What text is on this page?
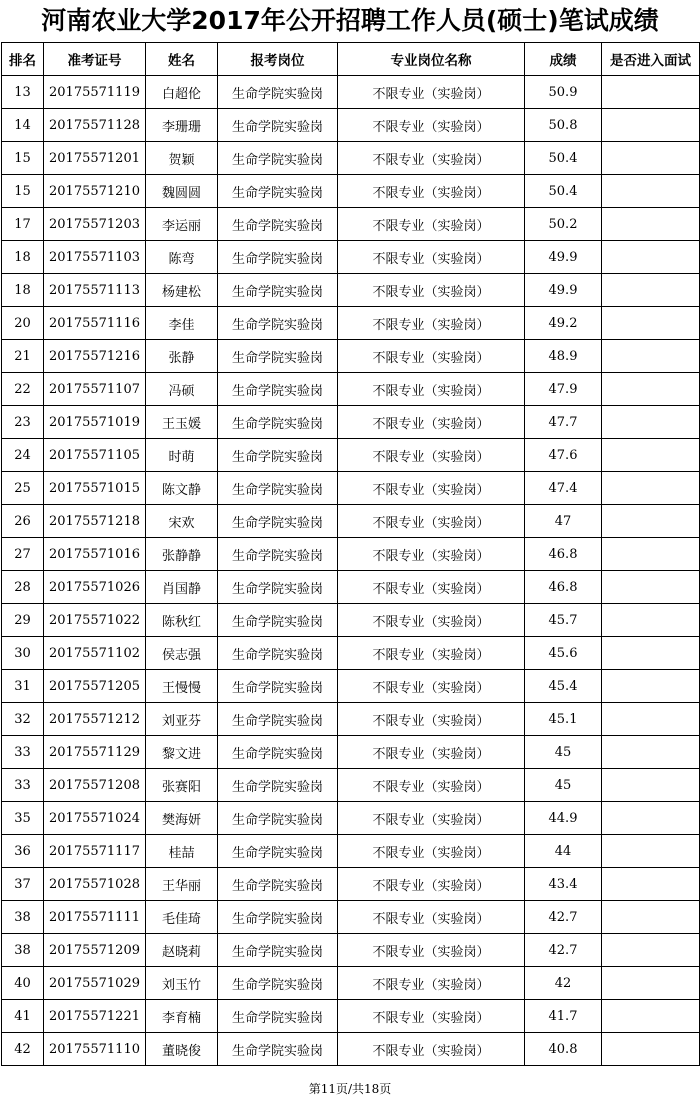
河南农业大学2017年公开招聘工作人员(硕士)笔试成绩
排名	准考证号	姓名	报考岗位	专业岗位名称	成绩	是否进入面试
13	20175571119	白超伦	生命学院实验岗	不限专业（实验岗）	50.9	
14	20175571128	李珊珊	生命学院实验岗	不限专业（实验岗）	50.8	
15	20175571201	贺颖	生命学院实验岗	不限专业（实验岗）	50.4	
15	20175571210	魏圆圆	生命学院实验岗	不限专业（实验岗）	50.4	
17	20175571203	李运丽	生命学院实验岗	不限专业（实验岗）	50.2	
18	20175571103	陈弯	生命学院实验岗	不限专业（实验岗）	49.9	
18	20175571113	杨建松	生命学院实验岗	不限专业（实验岗）	49.9	
20	20175571116	李佳	生命学院实验岗	不限专业（实验岗）	49.2	
21	20175571216	张静	生命学院实验岗	不限专业（实验岗）	48.9	
22	20175571107	冯硕	生命学院实验岗	不限专业（实验岗）	47.9	
23	20175571019	王玉媛	生命学院实验岗	不限专业（实验岗）	47.7	
24	20175571105	时萌	生命学院实验岗	不限专业（实验岗）	47.6	
25	20175571015	陈文静	生命学院实验岗	不限专业（实验岗）	47.4	
26	20175571218	宋欢	生命学院实验岗	不限专业（实验岗）	47	
27	20175571016	张静静	生命学院实验岗	不限专业（实验岗）	46.8	
28	20175571026	肖国静	生命学院实验岗	不限专业（实验岗）	46.8	
29	20175571022	陈秋红	生命学院实验岗	不限专业（实验岗）	45.7	
30	20175571102	侯志强	生命学院实验岗	不限专业（实验岗）	45.6	
31	20175571205	王慢慢	生命学院实验岗	不限专业（实验岗）	45.4	
32	20175571212	刘亚芬	生命学院实验岗	不限专业（实验岗）	45.1	
33	20175571129	黎文进	生命学院实验岗	不限专业（实验岗）	45	
33	20175571208	张赛阳	生命学院实验岗	不限专业（实验岗）	45	
35	20175571024	樊海妍	生命学院实验岗	不限专业（实验岗）	44.9	
36	20175571117	桂喆	生命学院实验岗	不限专业（实验岗）	44	
37	20175571028	王华丽	生命学院实验岗	不限专业（实验岗）	43.4	
38	20175571111	毛佳琦	生命学院实验岗	不限专业（实验岗）	42.7	
38	20175571209	赵晓莉	生命学院实验岗	不限专业（实验岗）	42.7	
40	20175571029	刘玉竹	生命学院实验岗	不限专业（实验岗）	42	
41	20175571221	李育楠	生命学院实验岗	不限专业（实验岗）	41.7	
42	20175571110	董晓俊	生命学院实验岗	不限专业（实验岗）	40.8	
第11页/共18页
